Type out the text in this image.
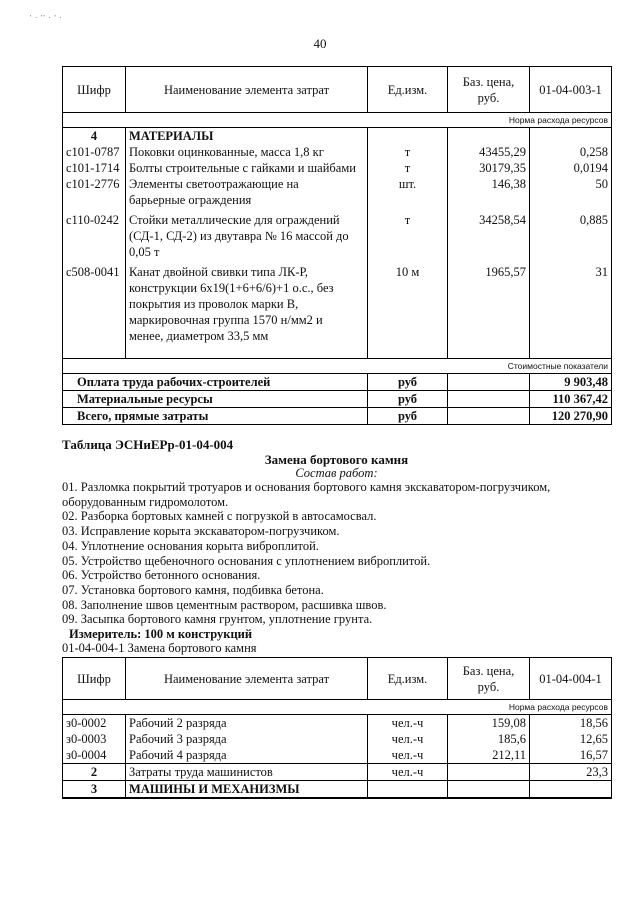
' · '' · ' ·
40
Шифр	Наименование элемента затрат	Ед.изм.	Баз. цена, руб.	01-04-003-1
Норма расхода ресурсов				
4	МАТЕРИАЛЫ			
с101-0787	Поковки оцинкованные, масса 1,8 кг	т	43455,29	0,258
с101-1714	Болты строительные с гайками и шайбами	т	30179,35	0,0194
с101-2776	Элементы светоотражающие на
барьерные ограждения	шт.	146,38	50
с110-0242	Стойки металлические для ограждений
(СД-1, СД-2) из двутавра № 16 массой до
0,05 т	т	34258,54	0,885
с508-0041	Канат двойной свивки типа ЛК-Р,
конструкции 6х19(1+6+6/6)+1 о.с., без
покрытия из проволок марки В,
маркировочная группа 1570 н/мм2 и
менее, диаметром 33,5 мм	10 м	1965,57	31

Стоимостные показатели				
Оплата труда рабочих-строителей		руб		9 903,48
Материальные ресурсы		руб		110 367,42
Всего, прямые затраты		руб		120 270,90
Таблица ЭСНиЕРр-01-04-004
Замена бортового камня
Состав работ:
01. Разломка покрытий тротуаров и основания бортового камня экскаватором-погрузчиком,
оборудованным гидромолотом.
02. Разборка бортовых камней с погрузкой в автосамосвал.
03. Исправление корыта экскаватором-погрузчиком.
04. Уплотнение основания корыта виброплитой.
05. Устройство щебеночного основания с уплотнением виброплитой.
06. Устройство бетонного основания.
07. Установка бортового камня, подбивка бетона.
08. Заполнение швов цементным раствором, расшивка швов.
09. Засыпка бортового камня грунтом, уплотнение грунта.
Измеритель: 100 м конструкций
01-04-004-1 Замена бортового камня
Шифр	Наименование элемента затрат	Ед.изм.	Баз. цена, руб.	01-04-004-1
Норма расхода ресурсов				
з0-0002	Рабочий 2 разряда	чел.-ч	159,08	18,56
з0-0003	Рабочий 3 разряда	чел.-ч	185,6	12,65
з0-0004	Рабочий 4 разряда	чел.-ч	212,11	16,57
2	Затраты труда машинистов	чел.-ч		23,3
3	МАШИНЫ И МЕХАНИЗМЫ			
